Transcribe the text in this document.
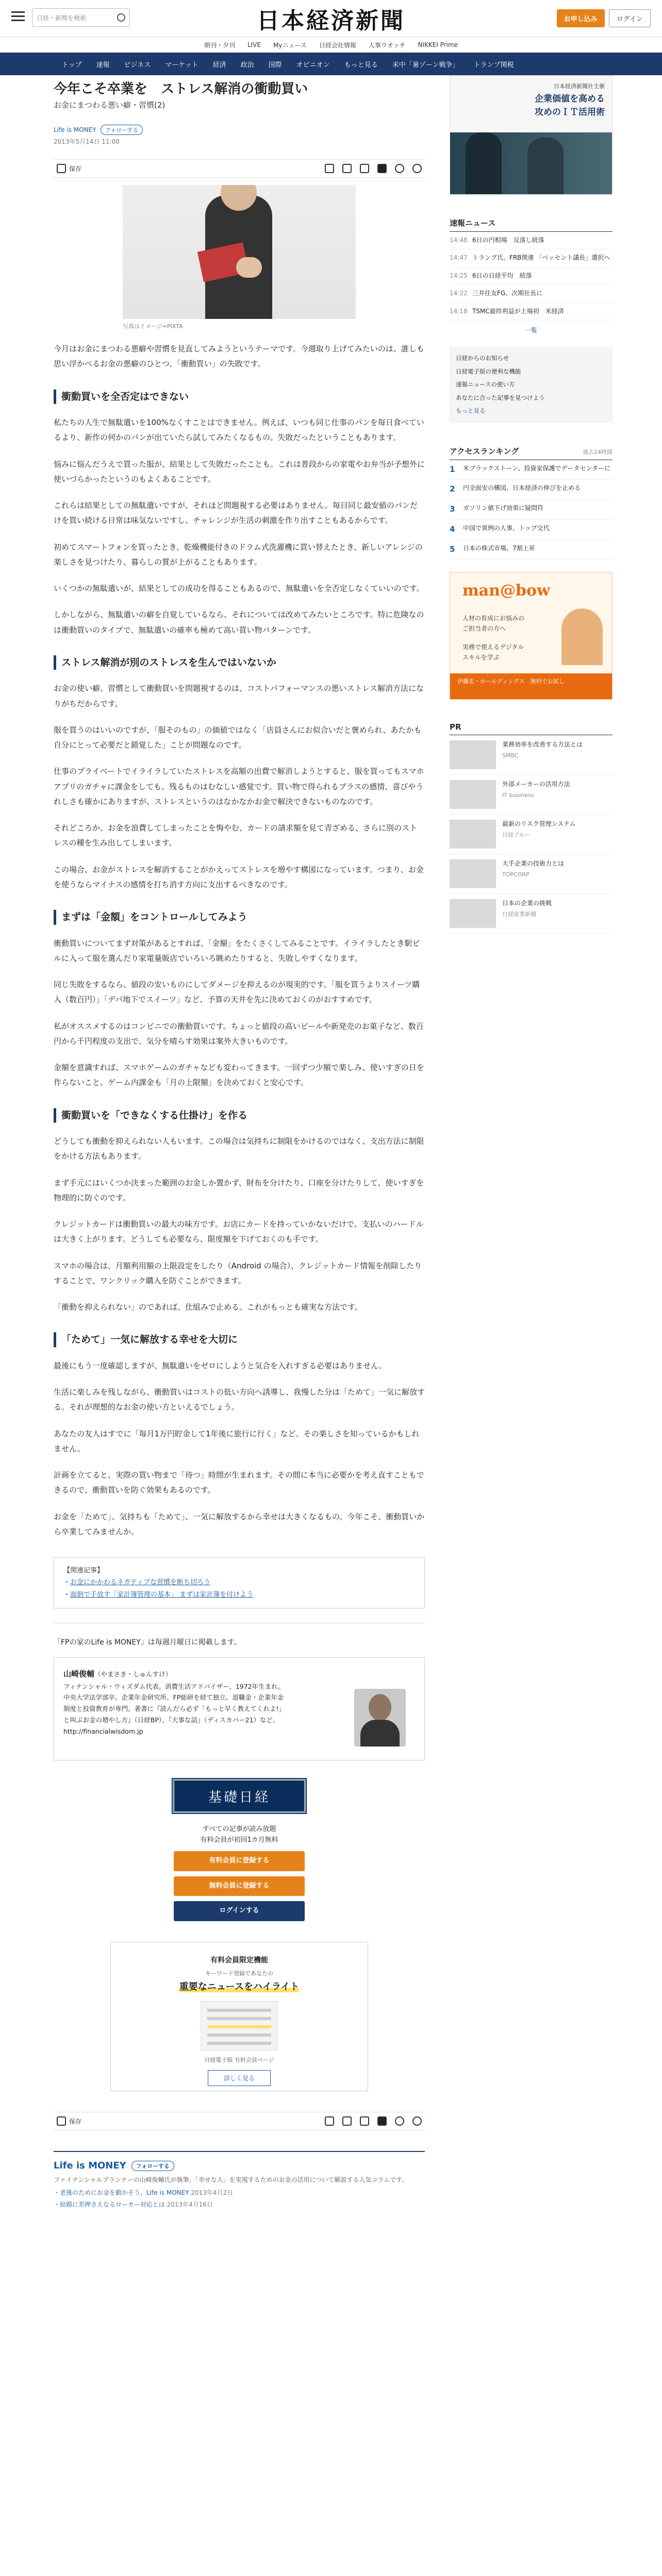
日経・新聞を検索	日本経済新聞	お申し込み	ログイン
朝刊・夕刊 LIVE Myニュース 日経会社情報 人事ウオッチ NIKKEI Prime
トップ 速報 ビジネス マーケット 経済 政治 国際 オピニオン もっと見る 米中「暑ゾーン戦争」 トランプ関税
今年こそ卒業を　ストレス解消の衝動買い
お金にまつわる悪い癖・習慣(2)
Life is MONEY	フォローする
2013年5月14日 11:00
保存
写真はイメージ=PIXTA

今月はお金にまつわる悪癖や習慣を見直してみようというテーマです。今週取り上げてみたいのは、誰しも思い浮かべるお金の悪癖のひとつ、「衝動買い」の失敗です。

衝動買いを全否定はできない

私たちの人生で無駄遣いを100%なくすことはできません。例えば、いつも同じ仕事のパンを毎日食べているより、新作の何かのパンが出ていたら試してみたくなるもの。失敗だったということもあります。

悩みに悩んだうえで買った服が、結果として失敗だったことも。これは普段からの家電やお弁当が予想外に使いづらかったというのもよくあることです。

これらは結果としての無駄遣いですが、それほど問題視する必要はありません。毎日同じ最安値のパンだけを買い続ける日常は味気ないですし、チャレンジが生活の刺激を作り出すこともあるからです。

初めてスマートフォンを買ったとき、乾燥機能付きのドラム式洗濯機に買い替えたとき、新しいアレンジの楽しさを見つけたり、暮らしの質が上がることもあります。

いくつかの無駄遣いが、結果としての成功を得ることもあるので、無駄遣いを全否定しなくていいのです。

しかしながら、無駄遣いの癖を自覚しているなら、それについては改めてみたいところです。特に危険なのは衝動買いのタイプで、無駄遣いの確率も極めて高い買い物パターンです。

ストレス解消が別のストレスを生んではいないか

お金の使い癖、習慣として衝動買いを問題視するのは、コストパフォーマンスの悪いストレス解消方法になりがちだからです。

服を買うのはいいのですが、「服そのもの」の価値ではなく「店員さんにお似合いだと褒められ、あたかも自分にとって必要だと錯覚した」ことが問題なのです。

仕事のプライベートでイライラしていたストレスを高額の出費で解消しようとすると、服を買ってもスマホアプリのガチャに課金をしても、残るものはむなしい感覚です。買い物で得られるプラスの感情、喜びやうれしさも確かにありますが、ストレスというのはなかなかお金で解決できないものなのです。

それどころか、お金を浪費してしまったことを悔やむ、カードの請求額を見て青ざめる、さらに別のストレスの種を生み出してしまいます。

この場合、お金がストレスを解消することがかえってストレスを増やす構図になっています。つまり、お金を使うならマイナスの感情を打ち消す方向に支出するべきなのです。

まずは「金額」をコントロールしてみよう

衝動買いについてまず対策があるとすれば、「金額」をたくさくしてみることです。イライラしたとき駅ビルに入って服を選んだり家電量販店でいろいろ眺めたりすると、失敗しやすくなります。

同じ失敗をするなら、値段の安いものにしてダメージを抑えるのが現実的です。「服を買うよりスイーツ購入（数百円）」「デパ地下でスイーツ」など、予算の天井を先に決めておくのがおすすめです。

私がオススメするのはコンビニでの衝動買いです。ちょっと値段の高いビールや新発売のお菓子など、数百円から千円程度の支出で、気分を晴らす効果は案外大きいものです。

金額を意識すれば、スマホゲームのガチャなども変わってきます。一回ずつ少額で楽しみ、使いすぎの日を作らないこと。ゲーム内課金も「月の上限額」を決めておくと安心です。

衝動買いを「できなくする仕掛け」を作る

どうしても衝動を抑えられない人もいます。この場合は気持ちに制限をかけるのではなく、支出方法に制限をかける方法もあります。

まず手元にはいくつか決まった範囲のお金しか置かず、財布を分けたり、口座を分けたりして、使いすぎを物理的に防ぐのです。

クレジットカードは衝動買いの最大の味方です。お店にカードを持っていかないだけで、支払いのハードルは大きく上がります。どうしても必要なら、限度額を下げておくのも手です。

スマホの場合は、月額利用額の上限設定をしたり（Android の場合）、クレジットカード情報を削除したりすることで、ワンクリック購入を防ぐことができます。

「衝動を抑えられない」のであれば、仕組みで止める。これがもっとも確実な方法です。

「ためて」一気に解放する幸せを大切に

最後にもう一度確認しますが、無駄遣いをゼロにしようと気合を入れすぎる必要はありません。

生活に楽しみを残しながら、衝動買いはコストの低い方向へ誘導し、我慢した分は「ためて」一気に解放する。それが理想的なお金の使い方といえるでしょう。

あなたの友人はすでに「毎月1万円貯金して1年後に旅行に行く」など、その楽しさを知っているかもしれません。

計画を立てると、実際の買い物まで「待つ」時間が生まれます。その間に本当に必要かを考え直すこともできるので、衝動買いを防ぐ効果もあるのです。

お金を「ためて」、気持ちも「ためて」、一気に解放するから幸せは大きくなるもの。今年こそ、衝動買いから卒業してみませんか。

【関連記事】
・お金にかかわるネガティブな習慣を断ち切ろう
・面倒で手放す「家計簿管理の基本」 まずは家計簿を付けよう
「FPの家のLife is MONEY」は毎週月曜日に掲載します。
山崎俊輔（やまさき・しゅんすけ）
フィナンシャル・ウィズダム代表。消費生活アドバイザー、1972年生まれ。中央大学法学部卒。企業年金研究所、FP総研を経て独立。退職金・企業年金制度と投資教育が専門。著書に『読んだら必ず「もっと早く教えてくれよ!」と叫ぶお金の増やし方』（日経BP）、『大事な話』（ディスカバー21）など。
http://financialwisdom.jp
基礎日経
すべての記事が読み放題
有料会員が初回1カ月無料
有料会員に登録する
無料会員に登録する
ログインする
有料会員限定機能
キーワード登録であなたの
重要なニュースをハイライト
日経電子版 有料会員ページ
詳しく見る
保存
Life is MONEY	フォローする
ファイナンシャルプランナーの山崎俊輔氏が執筆。「幸せな人」を実現するためのお金の活用について解説する人気コラムです。
・老後のためにお金を動かそう、Life is MONEY 2013年4月2日
・結婚に差押さえなるローカー対応とは 2013年4月16日
日本経済新聞社主催
企業価値を高める
攻めのＩＴ活用術
速報ニュース
14:48 6日の円相場　反落し続落
14:47 トランプ氏、FRB関連 「ベッセント議長」選択へ
14:25 6日の日経平均　続落
14:22 三井住友FG、次期社長に
14:18 TSMC最終利益が上場初　米経済
一覧
日経からのお知らせ
日経電子版の便利な機能
速報ニュースの使い方
あなたに合った記事を見つけよう
もっと見る
アクセスランキング	過去24時間
1 米ブラックストーン、投資家保護でデータセンターに
2 円全面安の構図、日本経済の伸びを止める
3 ガソリン値下げ効果に疑問符
4 中国で異例の人事、トップ交代
5 日本の株式市場、7割上昇
man@bow
人材の育成にお悩みの
ご担当者の方へ
実務で使えるデジタル
スキルを学ぶ
伊藤忠・ホールディングス　無料でお試し
PR
業務効率を改善する方法とは
SMBC
外部メーカーの活用方法
IT business
最新のリスク管理システム
日経ブルー
大手企業の技術力とは
TOPCORP
日本の企業の挑戦
日経産業新聞
